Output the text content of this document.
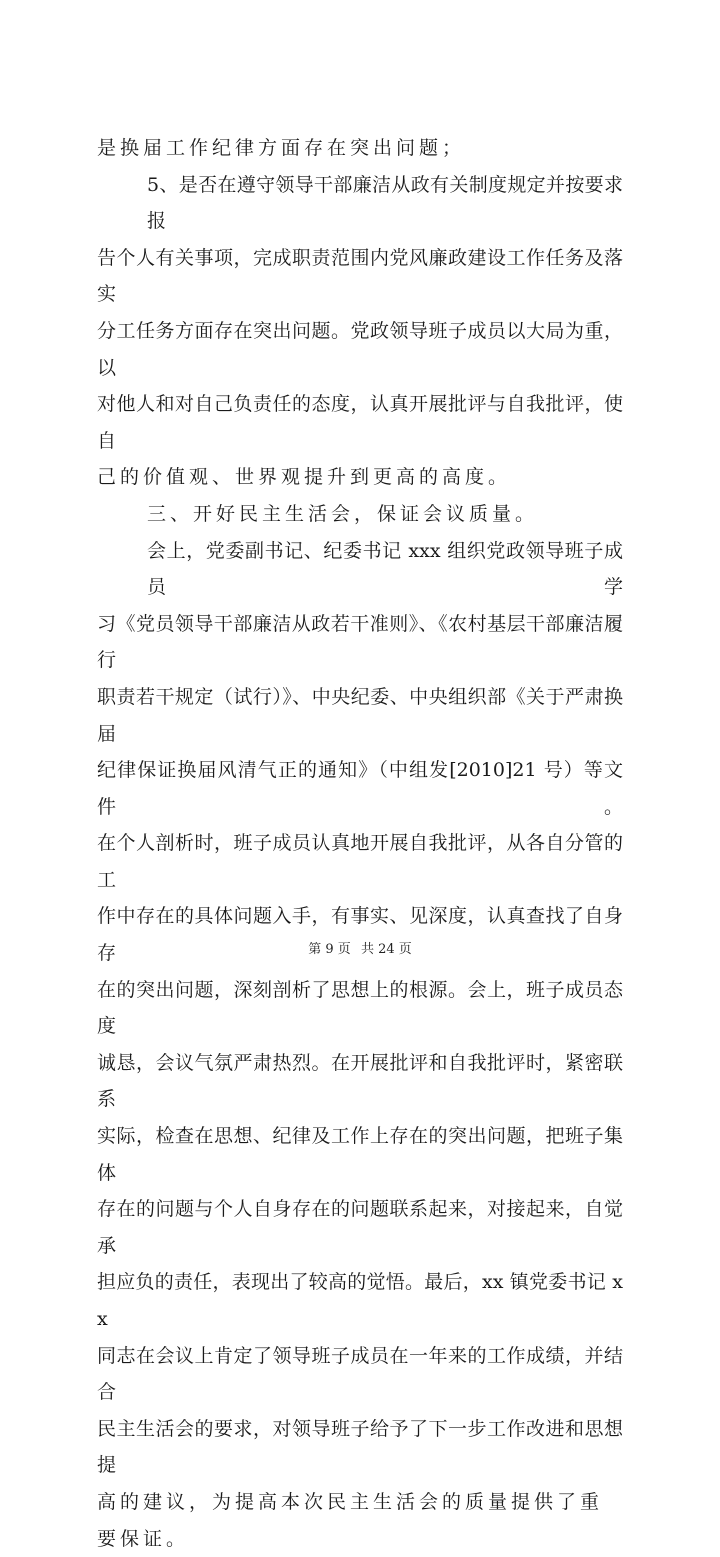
是换届工作纪律方面存在突出问题；
5、是否在遵守领导干部廉洁从政有关制度规定并按要求报
告个人有关事项，完成职责范围内党风廉政建设工作任务及落实
分工任务方面存在突出问题。党政领导班子成员以大局为重，以
对他人和对自己负责任的态度，认真开展批评与自我批评，使自
己的价值观、世界观提升到更高的高度。
三、开好民主生活会，保证会议质量。
会上，党委副书记、纪委书记 xxx 组织党政领导班子成员学
习《党员领导干部廉洁从政若干准则》、《农村基层干部廉洁履行
职责若干规定（试行）》、中央纪委、中央组织部《关于严肃换届
纪律保证换届风清气正的通知》（中组发[2010]21 号）等文件。
在个人剖析时，班子成员认真地开展自我批评，从各自分管的工
作中存在的具体问题入手，有事实、见深度，认真查找了自身存
在的突出问题，深刻剖析了思想上的根源。会上，班子成员态度
诚恳，会议气氛严肃热烈。在开展批评和自我批评时，紧密联系
实际，检查在思想、纪律及工作上存在的突出问题，把班子集体
存在的问题与个人自身存在的问题联系起来，对接起来，自觉承
担应负的责任，表现出了较高的觉悟。最后，xx 镇党委书记 xx
同志在会议上肯定了领导班子成员在一年来的工作成绩，并结合
民主生活会的要求，对领导班子给予了下一步工作改进和思想提
高的建议，为提高本次民主生活会的质量提供了重要保证。
第 9 页 共 24 页
